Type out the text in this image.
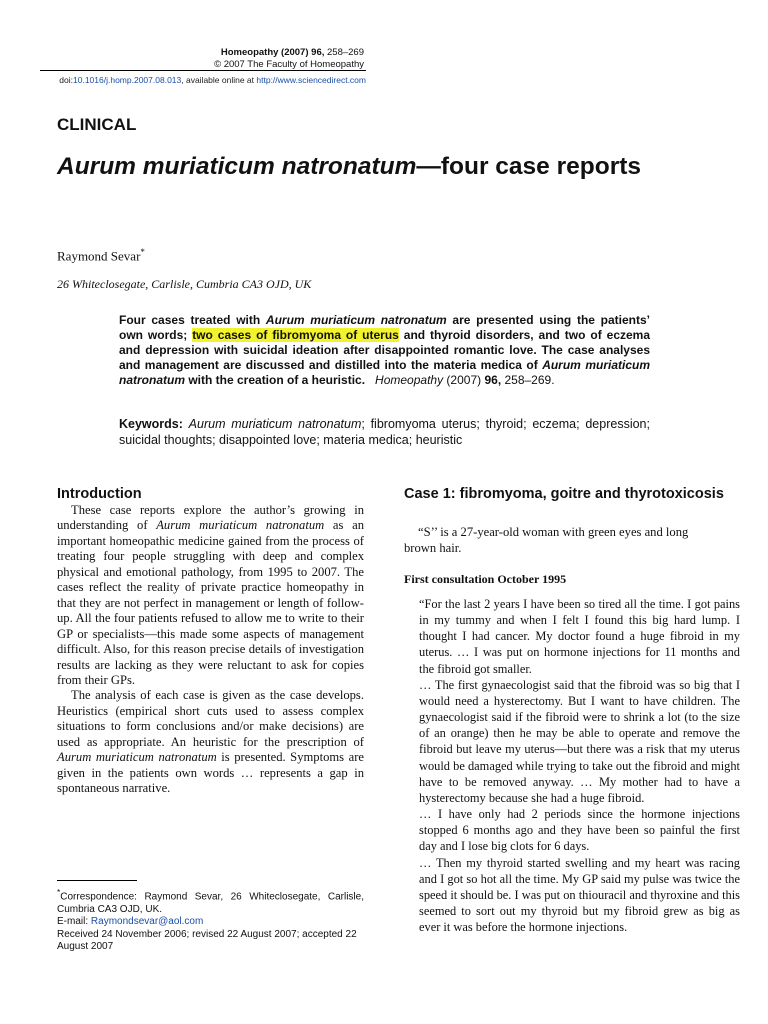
Homeopathy (2007) 96, 258–269
© 2007 The Faculty of Homeopathy
doi:10.1016/j.homp.2007.08.013, available online at http://www.sciencedirect.com
CLINICAL
Aurum muriaticum natronatum—four case reports
Raymond Sevar*
26 Whiteclosegate, Carlisle, Cumbria CA3 OJD, UK
Four cases treated with Aurum muriaticum natronatum are presented using the patients’ own words; two cases of fibromyoma of uterus and thyroid disorders, and two of eczema and depression with suicidal ideation after disappointed romantic love. The case analyses and management are discussed and distilled into the materia medica of Aurum muriaticum natronatum with the creation of a heuristic. Homeopathy (2007) 96, 258–269.
Keywords: Aurum muriaticum natronatum; fibromyoma uterus; thyroid; eczema; depression; suicidal thoughts; disappointed love; materia medica; heuristic
Introduction

These case reports explore the author’s growing in understanding of Aurum muriaticum natronatum as an important homeopathic medicine gained from the process of treating four people struggling with deep and complex physical and emotional pathology, from 1995 to 2007. The cases reflect the reality of private practice homeopathy in that they are not perfect in management or length of follow-up. All the four patients refused to allow me to write to their GP or specialists—this made some aspects of management difficult. Also, for this reason precise details of investigation results are lacking as they were reluctant to ask for copies from their GPs.

The analysis of each case is given as the case develops. Heuristics (empirical short cuts used to assess complex situations to form conclusions and/or make decisions) are used as appropriate. An heuristic for the prescription of Aurum muriaticum natronatum is presented. Symptoms are given in the patients own words … represents a gap in spontaneous narrative.

Case 1: fibromyoma, goitre and thyrotoxicosis
“S’’ is a 27-year-old woman with green eyes and long brown hair.
First consultation October 1995

“For the last 2 years I have been so tired all the time. I got pains in my tummy and when I felt I found this big hard lump. I thought I had cancer. My doctor found a huge fibroid in my uterus. … I was put on hormone injections for 11 months and the fibroid got smaller.

… The first gynaecologist said that the fibroid was so big that I would need a hysterectomy. But I want to have children. The gynaecologist said if the fibroid were to shrink a lot (to the size of an orange) then he may be able to operate and remove the fibroid but leave my uterus—but there was a risk that my uterus would be damaged while trying to take out the fibroid and might have to be removed anyway. … My mother had to have a hysterectomy because she had a huge fibroid.

… I have only had 2 periods since the hormone injections stopped 6 months ago and they have been so painful the first day and I lose big clots for 6 days.

… Then my thyroid started swelling and my heart was racing and I got so hot all the time. My GP said my pulse was twice the speed it should be. I was put on thiouracil and thyroxine and this seemed to sort out my thyroid but my fibroid grew as big as ever it was before the hormone injections.

*Correspondence: Raymond Sevar, 26 Whiteclosegate, Carlisle, Cumbria CA3 OJD, UK.
E-mail: Raymondsevar@aol.com
Received 24 November 2006; revised 22 August 2007; accepted 22 August 2007
